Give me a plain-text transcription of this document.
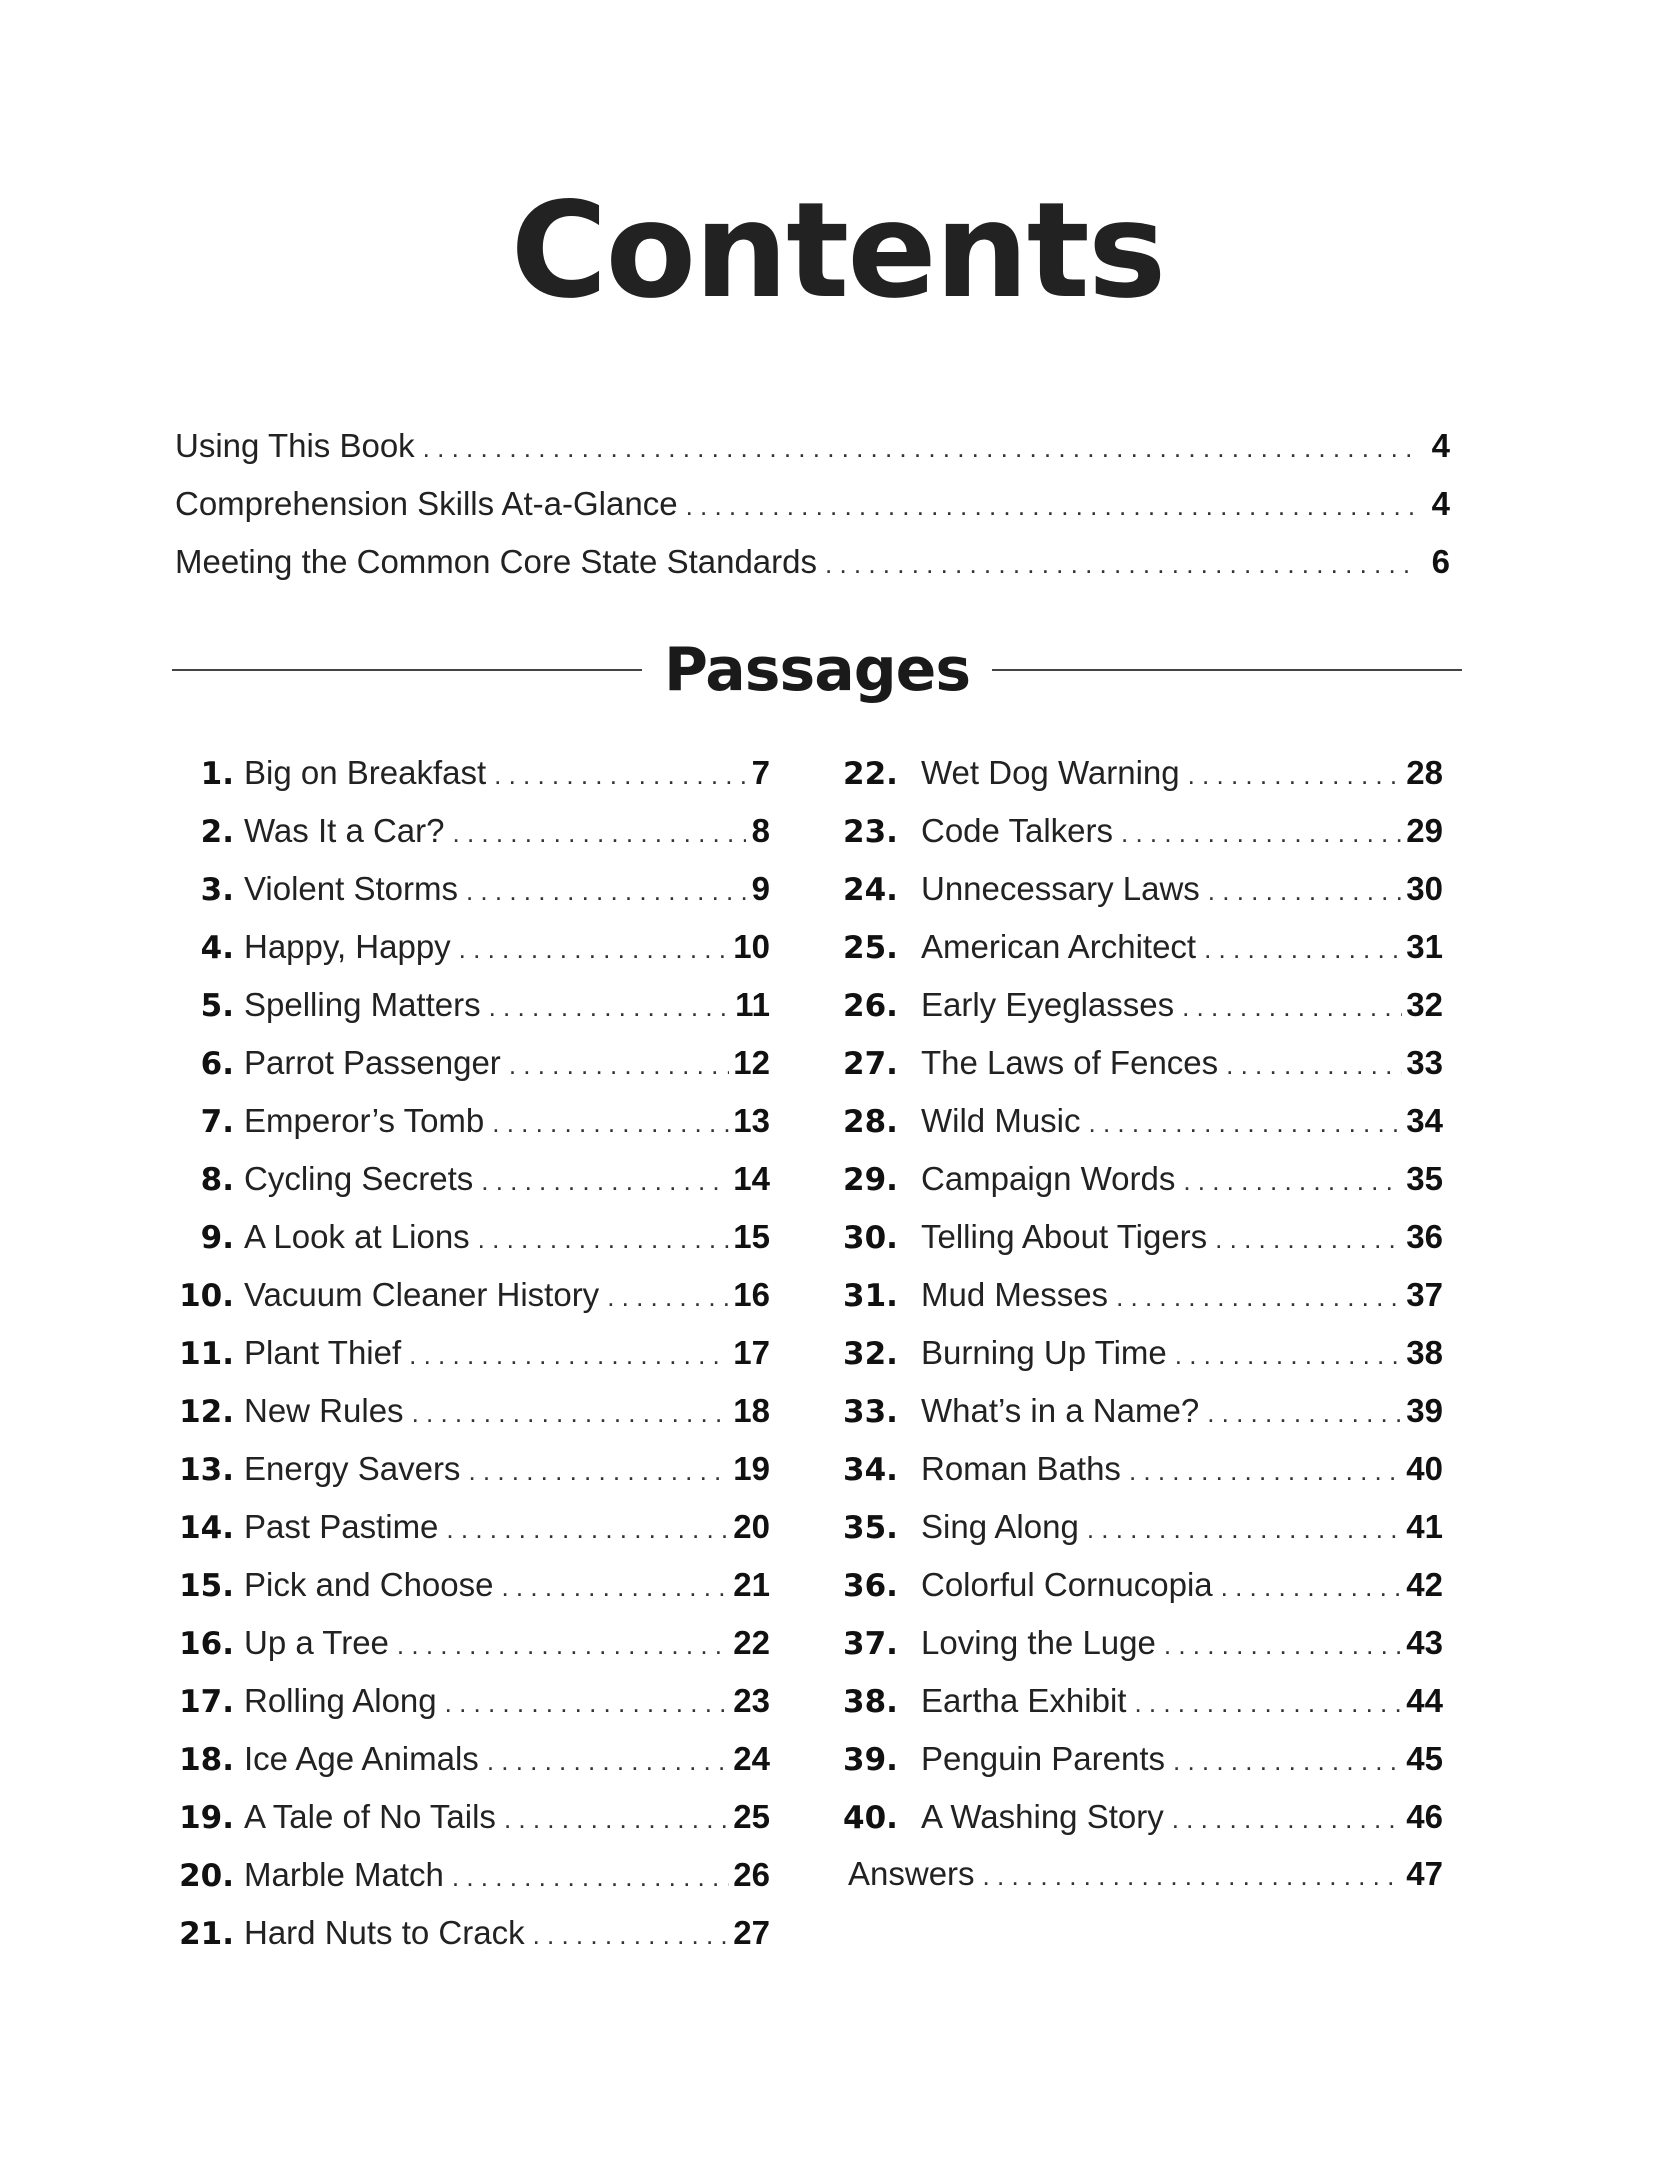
Contents
Using This Book . . .	4
Comprehension Skills At-a-Glance . . .	4
Meeting the Common Core State Standards . . .	6
Passages
1. Big on Breakfast . . .	7
2. Was It a Car? . . .	8
3. Violent Storms . . .	9
4. Happy, Happy . . .	10
5. Spelling Matters . . .	11
6. Parrot Passenger . . .	12
7. Emperor’s Tomb . . .	13
8. Cycling Secrets . . .	14
9. A Look at Lions . . .	15
10. Vacuum Cleaner History . . .	16
11. Plant Thief . . .	17
12. New Rules . . .	18
13. Energy Savers . . .	19
14. Past Pastime . . .	20
15. Pick and Choose . . .	21
16. Up a Tree . . .	22
17. Rolling Along . . .	23
18. Ice Age Animals . . .	24
19. A Tale of No Tails . . .	25
20. Marble Match . . .	26
21. Hard Nuts to Crack . . .	27
22. Wet Dog Warning . . .	28
23. Code Talkers . . .	29
24. Unnecessary Laws . . .	30
25. American Architect . . .	31
26. Early Eyeglasses . . .	32
27. The Laws of Fences . . .	33
28. Wild Music . . .	34
29. Campaign Words . . .	35
30. Telling About Tigers . . .	36
31. Mud Messes . . .	37
32. Burning Up Time . . .	38
33. What’s in a Name? . . .	39
34. Roman Baths . . .	40
35. Sing Along . . .	41
36. Colorful Cornucopia . . .	42
37. Loving the Luge . . .	43
38. Eartha Exhibit . . .	44
39. Penguin Parents . . .	45
40. A Washing Story . . .	46
Answers . . .	47
